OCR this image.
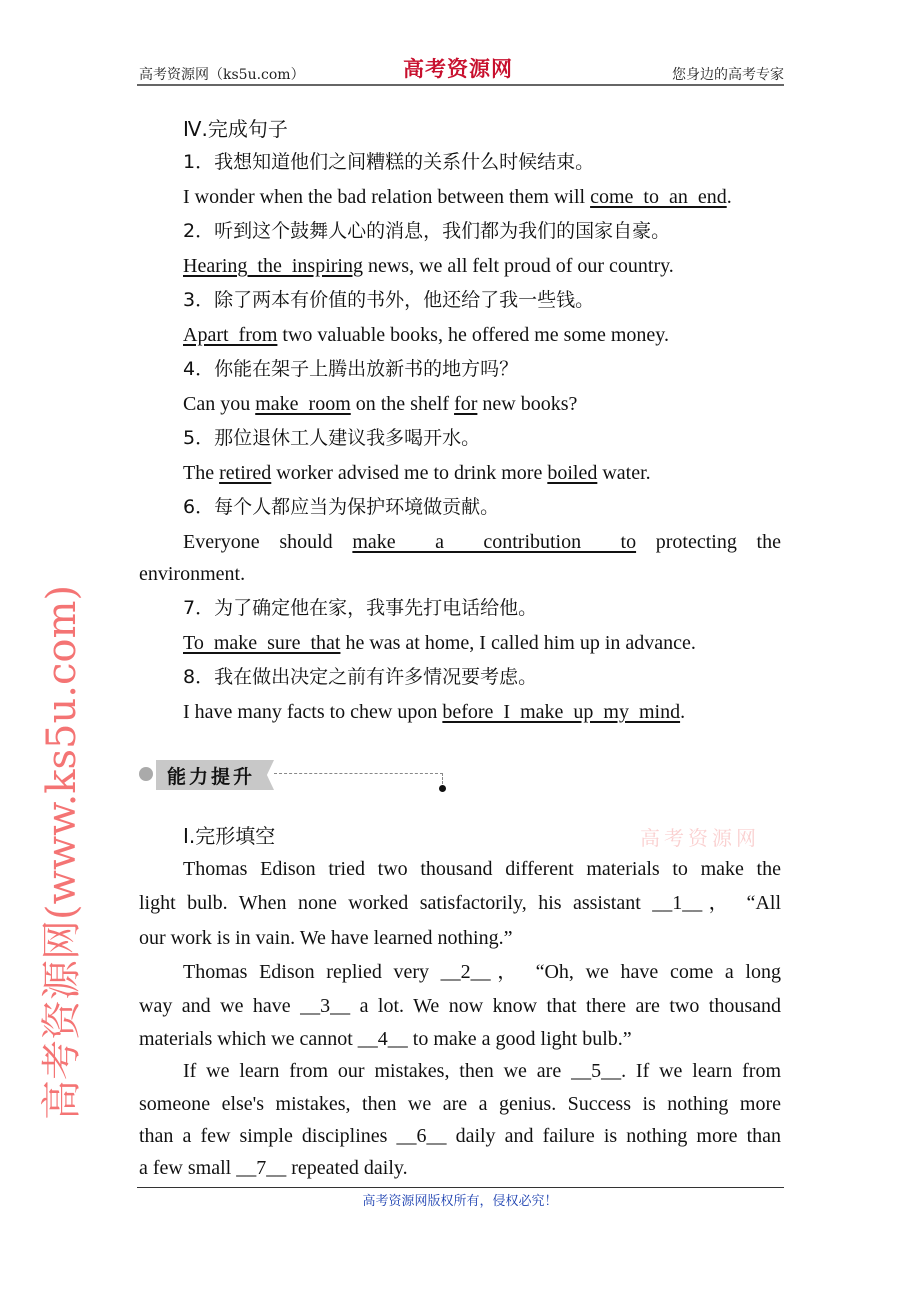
高考资源网（ks5u.com）	高考资源网	您身边的高考专家
Ⅳ.完成句子
1．我想知道他们之间糟糕的关系什么时候结束。
I wonder when the bad relation between them will come  to  an  end.
2．听到这个鼓舞人心的消息，我们都为我们的国家自豪。
Hearing  the  inspiring news, we all felt proud of our country.
3．除了两本有价值的书外，他还给了我一些钱。
Apart  from two valuable books, he offered me some money.
4．你能在架子上腾出放新书的地方吗？
Can you make  room on the shelf for new books?
5．那位退休工人建议我多喝开水。
The retired worker advised me to drink more boiled water.
6．每个人都应当为保护环境做贡献。
Everyone should make  a  contribution  to protecting the
environment.
7．为了确定他在家，我事先打电话给他。
To  make  sure  that he was at home, I called him up in advance.
8．我在做出决定之前有许多情况要考虑。
I have many facts to chew upon before  I  make  up  my  mind.
能力提升
Ⅰ.完形填空
Thomas Edison tried two thousand different materials to make the
light bulb. When none worked satisfactorily, his assistant __1__， “All
our work is in vain. We have learned nothing.”
Thomas Edison replied very __2__， “Oh, we have come a long
way and we have __3__ a lot. We now know that there are two thousand
materials which we cannot __4__ to make a good light bulb.”
If we learn from our mistakes, then we are __5__. If we learn from
someone else's mistakes, then we are a genius. Success is nothing more
than a few simple disciplines __6__ daily and failure is nothing more than
a few small __7__ repeated daily.
高考资源网(www.ks5u.com)	高考资源网
高考资源网版权所有，侵权必究！
